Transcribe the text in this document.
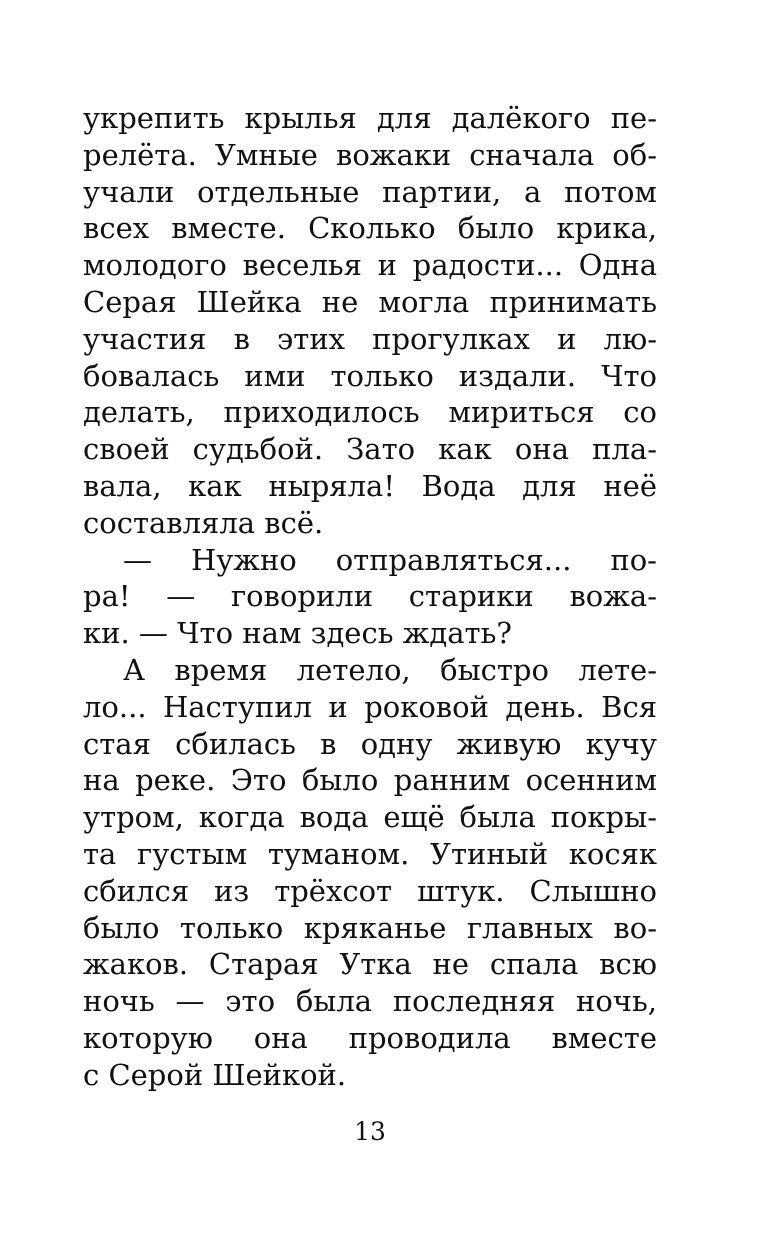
укрепить крылья для далёкого пе-
релёта. Умные вожаки сначала об-
учали отдельные партии, а потом
всех вместе. Сколько было крика,
молодого веселья и радости... Одна
Серая Шейка не могла принимать
участия в этих прогулках и лю-
бовалась ими только издали. Что
делать, приходилось мириться со
своей судьбой. Зато как она пла-
вала, как ныряла! Вода для неё
составляла всё.
— Нужно отправляться... по-
ра! — говорили старики вожа-
ки. — Что нам здесь ждать?
А время летело, быстро лете-
ло... Наступил и роковой день. Вся
стая сбилась в одну живую кучу
на реке. Это было ранним осенним
утром, когда вода ещё была покры-
та густым туманом. Утиный косяк
сбился из трёхсот штук. Слышно
было только кряканье главных во-
жаков. Старая Утка не спала всю
ночь — это была последняя ночь,
которую она проводила вместе
с Серой Шейкой.
13
